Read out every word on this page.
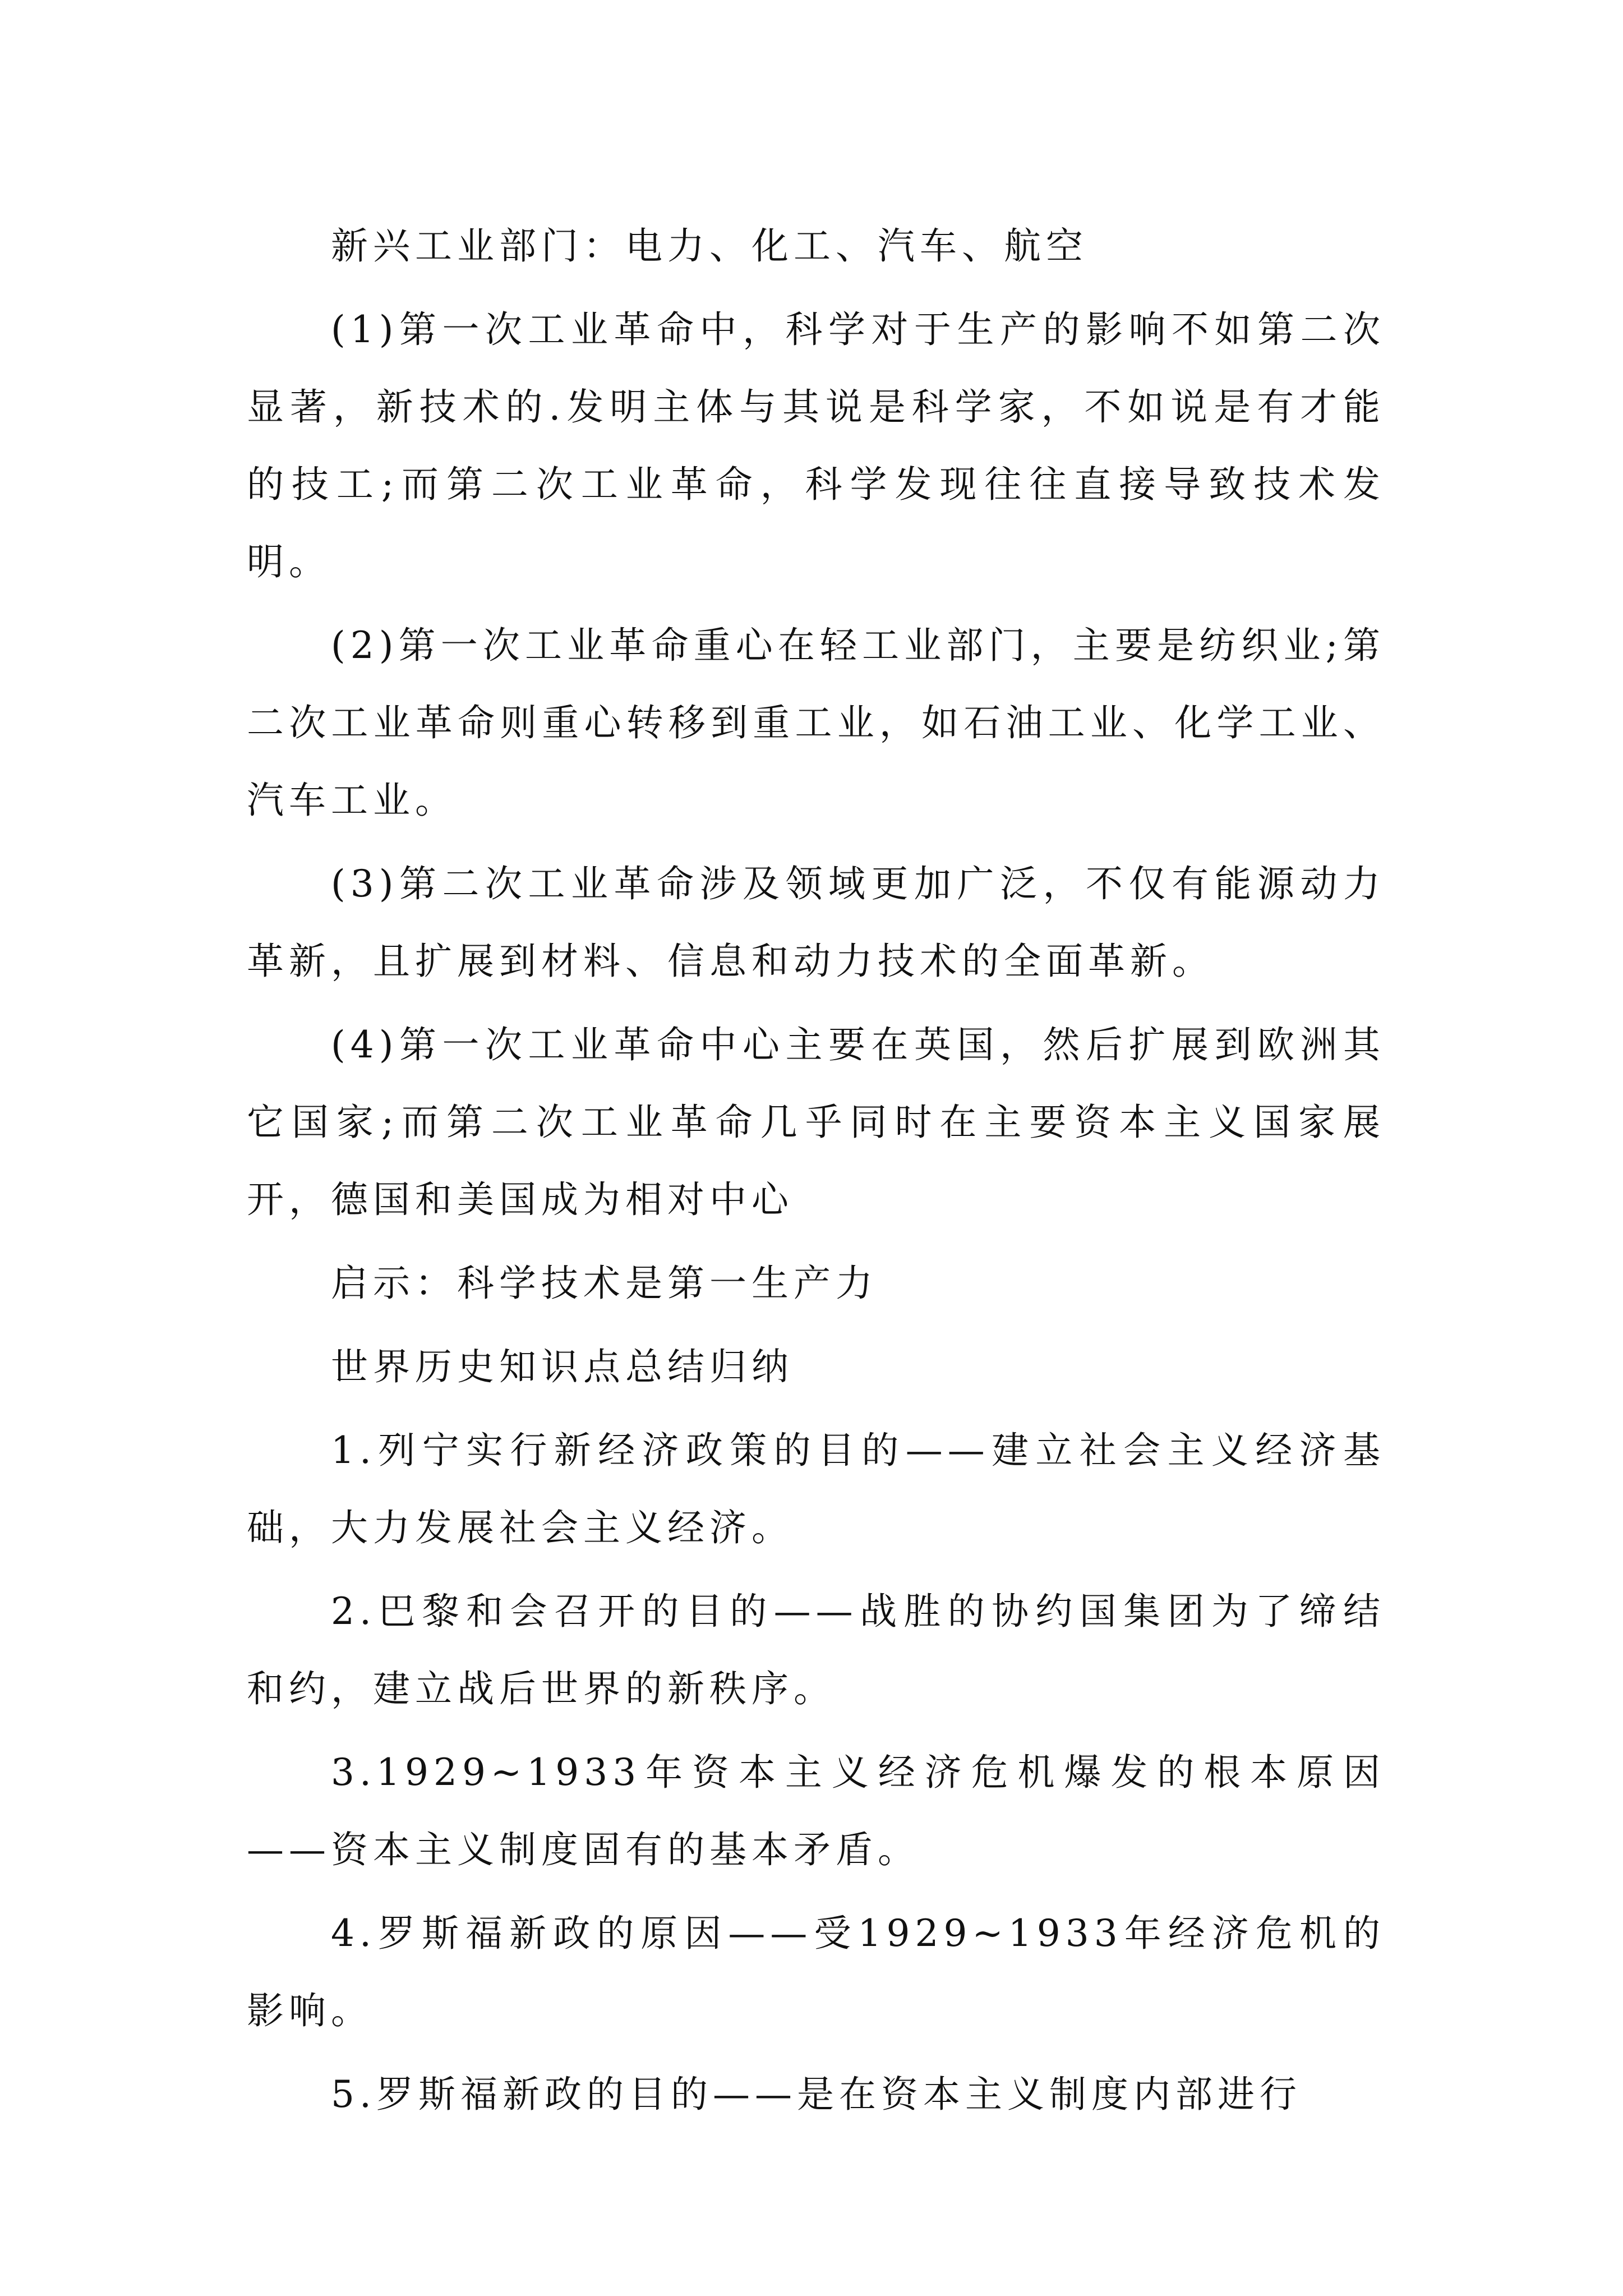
新兴工业部门：电力、化工、汽车、航空

(1)第一次工业革命中，科学对于生产的影响不如第二次显著，新技术的.发明主体与其说是科学家，不如说是有才能的技工;而第二次工业革命，科学发现往往直接导致技术发明。

(2)第一次工业革命重心在轻工业部门，主要是纺织业;第二次工业革命则重心转移到重工业，如石油工业、化学工业、汽车工业。

(3)第二次工业革命涉及领域更加广泛，不仅有能源动力革新，且扩展到材料、信息和动力技术的全面革新。

(4)第一次工业革命中心主要在英国，然后扩展到欧洲其它国家;而第二次工业革命几乎同时在主要资本主义国家展开，德国和美国成为相对中心

启示：科学技术是第一生产力

世界历史知识点总结归纳

1.列宁实行新经济政策的目的——建立社会主义经济基础，大力发展社会主义经济。

2.巴黎和会召开的目的——战胜的协约国集团为了缔结和约，建立战后世界的新秩序。

3.1929~1933年资本主义经济危机爆发的根本原因——资本主义制度固有的基本矛盾。

4.罗斯福新政的原因——受1929~1933年经济危机的影响。

5.罗斯福新政的目的——是在资本主义制度内部进行
